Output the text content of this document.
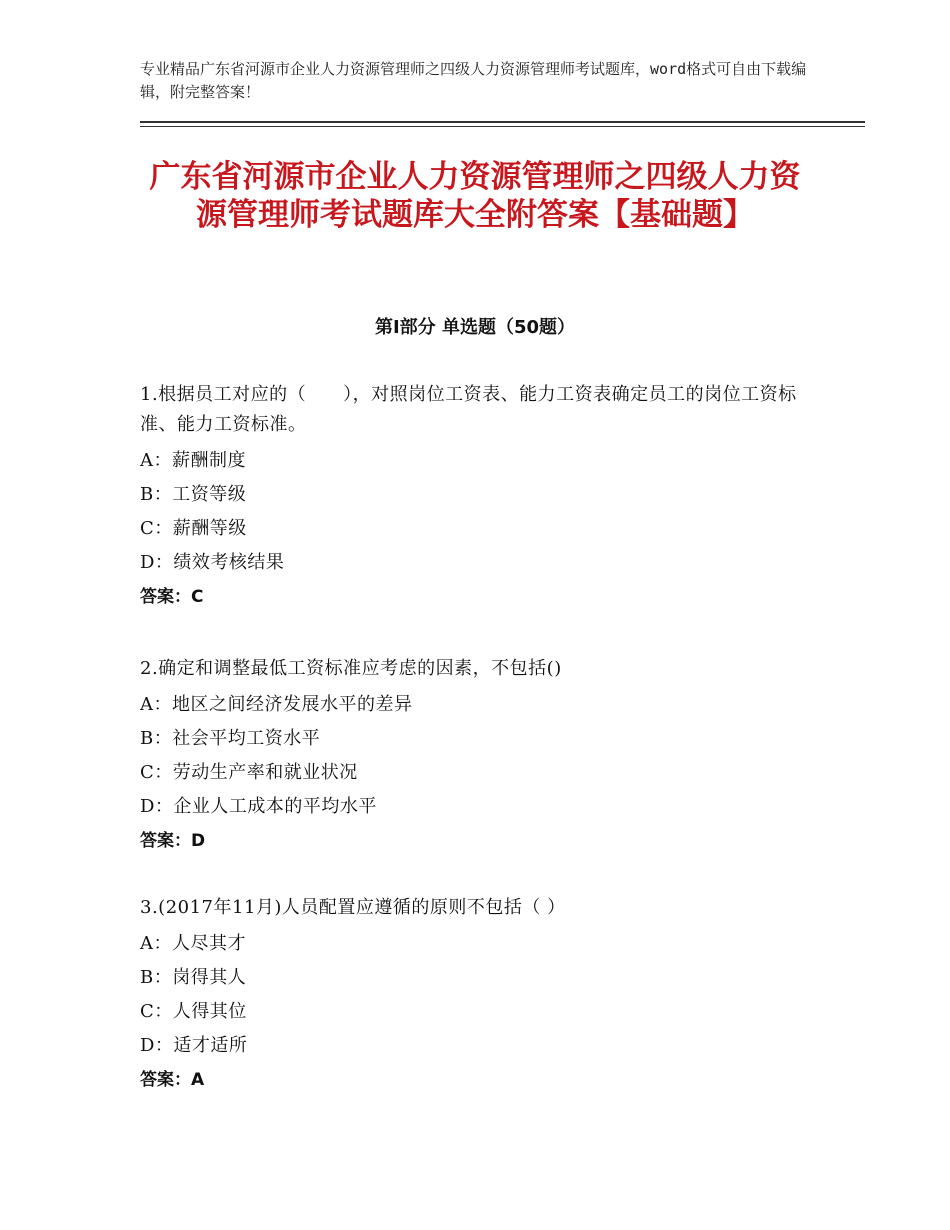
专业精品广东省河源市企业人力资源管理师之四级人力资源管理师考试题库，word格式可自由下载编辑，附完整答案！
广东省河源市企业人力资源管理师之四级人力资源管理师考试题库大全附答案【基础题】
第Ⅰ部分 单选题（50题）

1.根据员工对应的（　　），对照岗位工资表、能力工资表确定员工的岗位工资标准、能力工资标准。

A：薪酬制度

B：工资等级

C：薪酬等级

D：绩效考核结果

答案：C

2.确定和调整最低工资标准应考虑的因素，不包括()

A：地区之间经济发展水平的差异

B：社会平均工资水平

C：劳动生产率和就业状况

D：企业人工成本的平均水平

答案：D

3.(2017年11月)人员配置应遵循的原则不包括（ ）

A：人尽其才

B：岗得其人

C：人得其位

D：适才适所

答案：A
